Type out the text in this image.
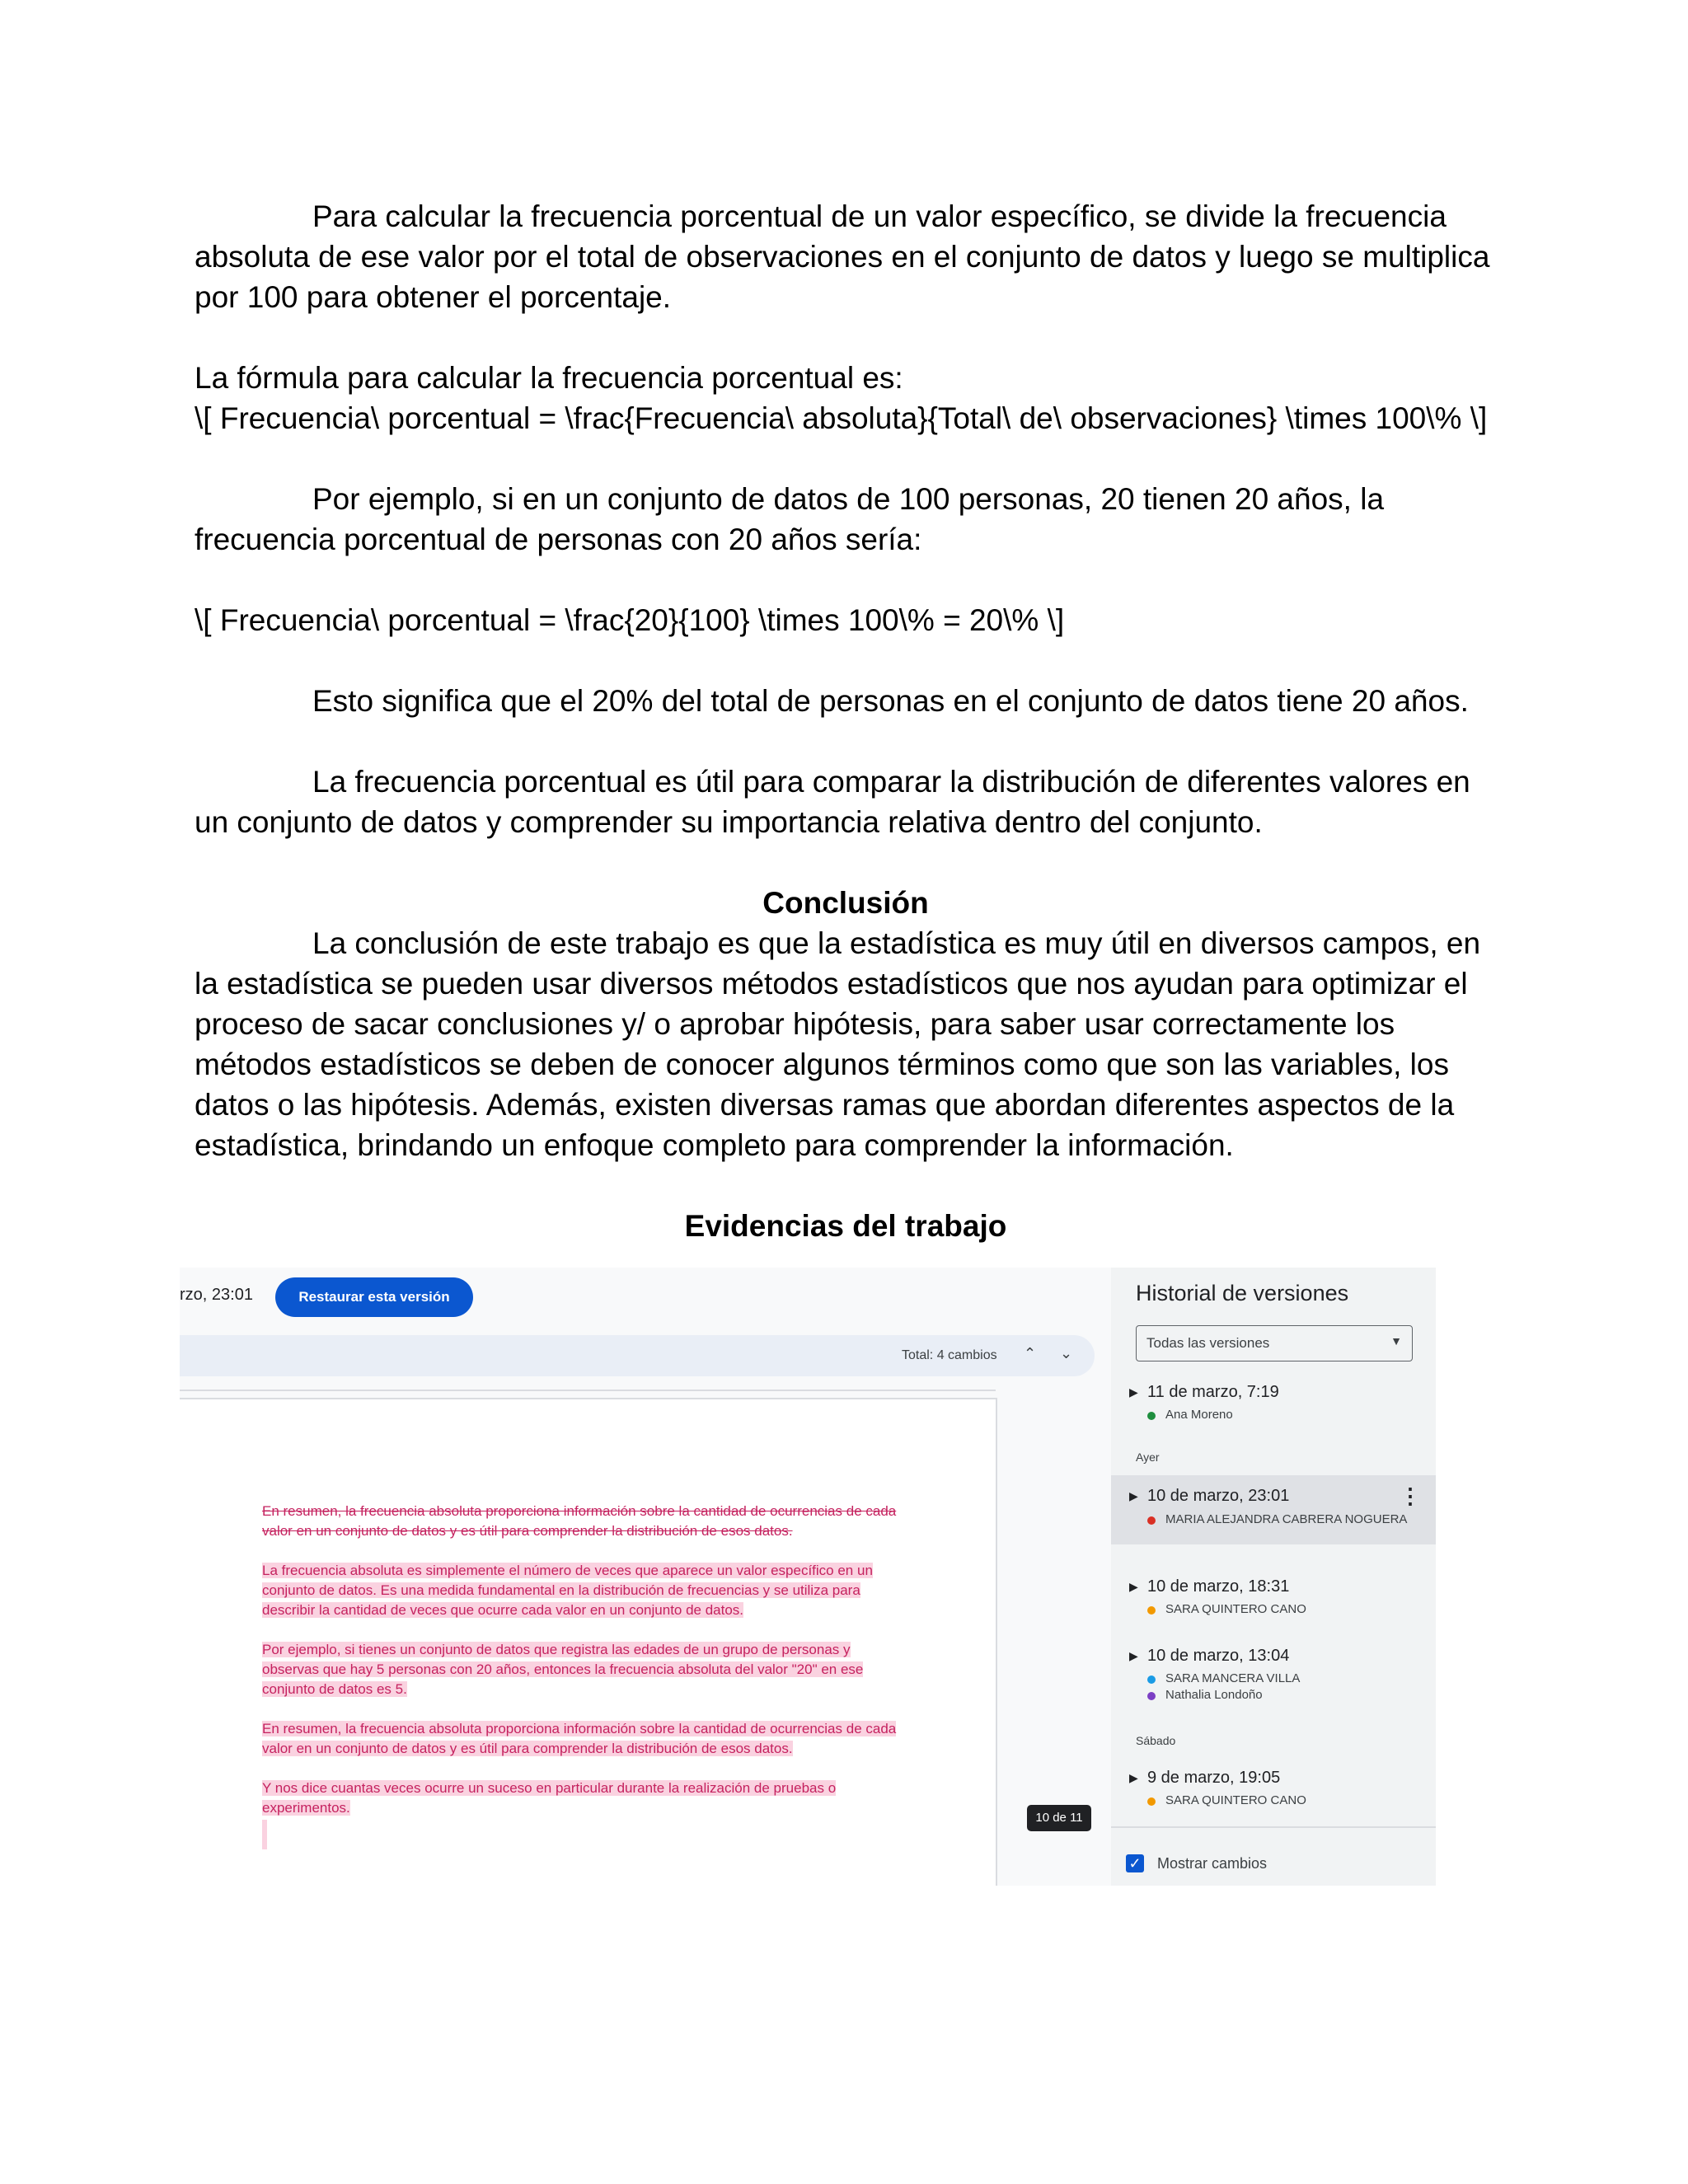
Para calcular la frecuencia porcentual de un valor específico, se divide la frecuencia absoluta de ese valor por el total de observaciones en el conjunto de datos y luego se multiplica por 100 para obtener el porcentaje.

La fórmula para calcular la frecuencia porcentual es:

\[ Frecuencia\ porcentual = \frac{Frecuencia\ absoluta}{Total\ de\ observaciones} \times 100\% \]

Por ejemplo, si en un conjunto de datos de 100 personas, 20 tienen 20 años, la frecuencia porcentual de personas con 20 años sería:

\[ Frecuencia\ porcentual = \frac{20}{100} \times 100\% = 20\% \]

Esto significa que el 20% del total de personas en el conjunto de datos tiene 20 años.

La frecuencia porcentual es útil para comparar la distribución de diferentes valores en un conjunto de datos y comprender su importancia relativa dentro del conjunto.

Conclusión

La conclusión de este trabajo es que la estadística es muy útil en diversos campos, en la estadística se pueden usar diversos métodos estadísticos que nos ayudan para optimizar el proceso de sacar conclusiones y/ o aprobar hipótesis, para saber usar correctamente los métodos estadísticos se deben de conocer algunos términos como que son las variables, los datos o las hipótesis. Además, existen diversas ramas que abordan diferentes aspectos de la estadística, brindando un enfoque completo para comprender la información.

Evidencias del trabajo

rzo, 23:01	Restaurar esta versión
Total: 4 cambios ⌃ ⌄

En resumen, la frecuencia absoluta proporciona información sobre la cantidad de ocurrencias de cada valor en un conjunto de datos y es útil para comprender la distribución de esos datos.

La frecuencia absoluta es simplemente el número de veces que aparece un valor específico en un conjunto de datos. Es una medida fundamental en la distribución de frecuencias y se utiliza para describir la cantidad de veces que ocurre cada valor en un conjunto de datos.

Por ejemplo, si tienes un conjunto de datos que registra las edades de un grupo de personas y observas que hay 5 personas con 20 años, entonces la frecuencia absoluta del valor "20" en ese conjunto de datos es 5.

En resumen, la frecuencia absoluta proporciona información sobre la cantidad de ocurrencias de cada valor en un conjunto de datos y es útil para comprender la distribución de esos datos.

Y nos dice cuantas veces ocurre un suceso en particular durante la realización de pruebas o experimentos.

10 de 11
Historial de versiones
Todas las versiones	▼
▶ 11 de marzo, 7:19
Ana Moreno
Ayer
▶ 10 de marzo, 23:01
MARIA ALEJANDRA CABRERA NOGUERA
⋮
▶ 10 de marzo, 18:31
SARA QUINTERO CANO
▶ 10 de marzo, 13:04
SARA MANCERA VILLA
Nathalia Londoño
Sábado
▶ 9 de marzo, 19:05
SARA QUINTERO CANO
✓ Mostrar cambios
